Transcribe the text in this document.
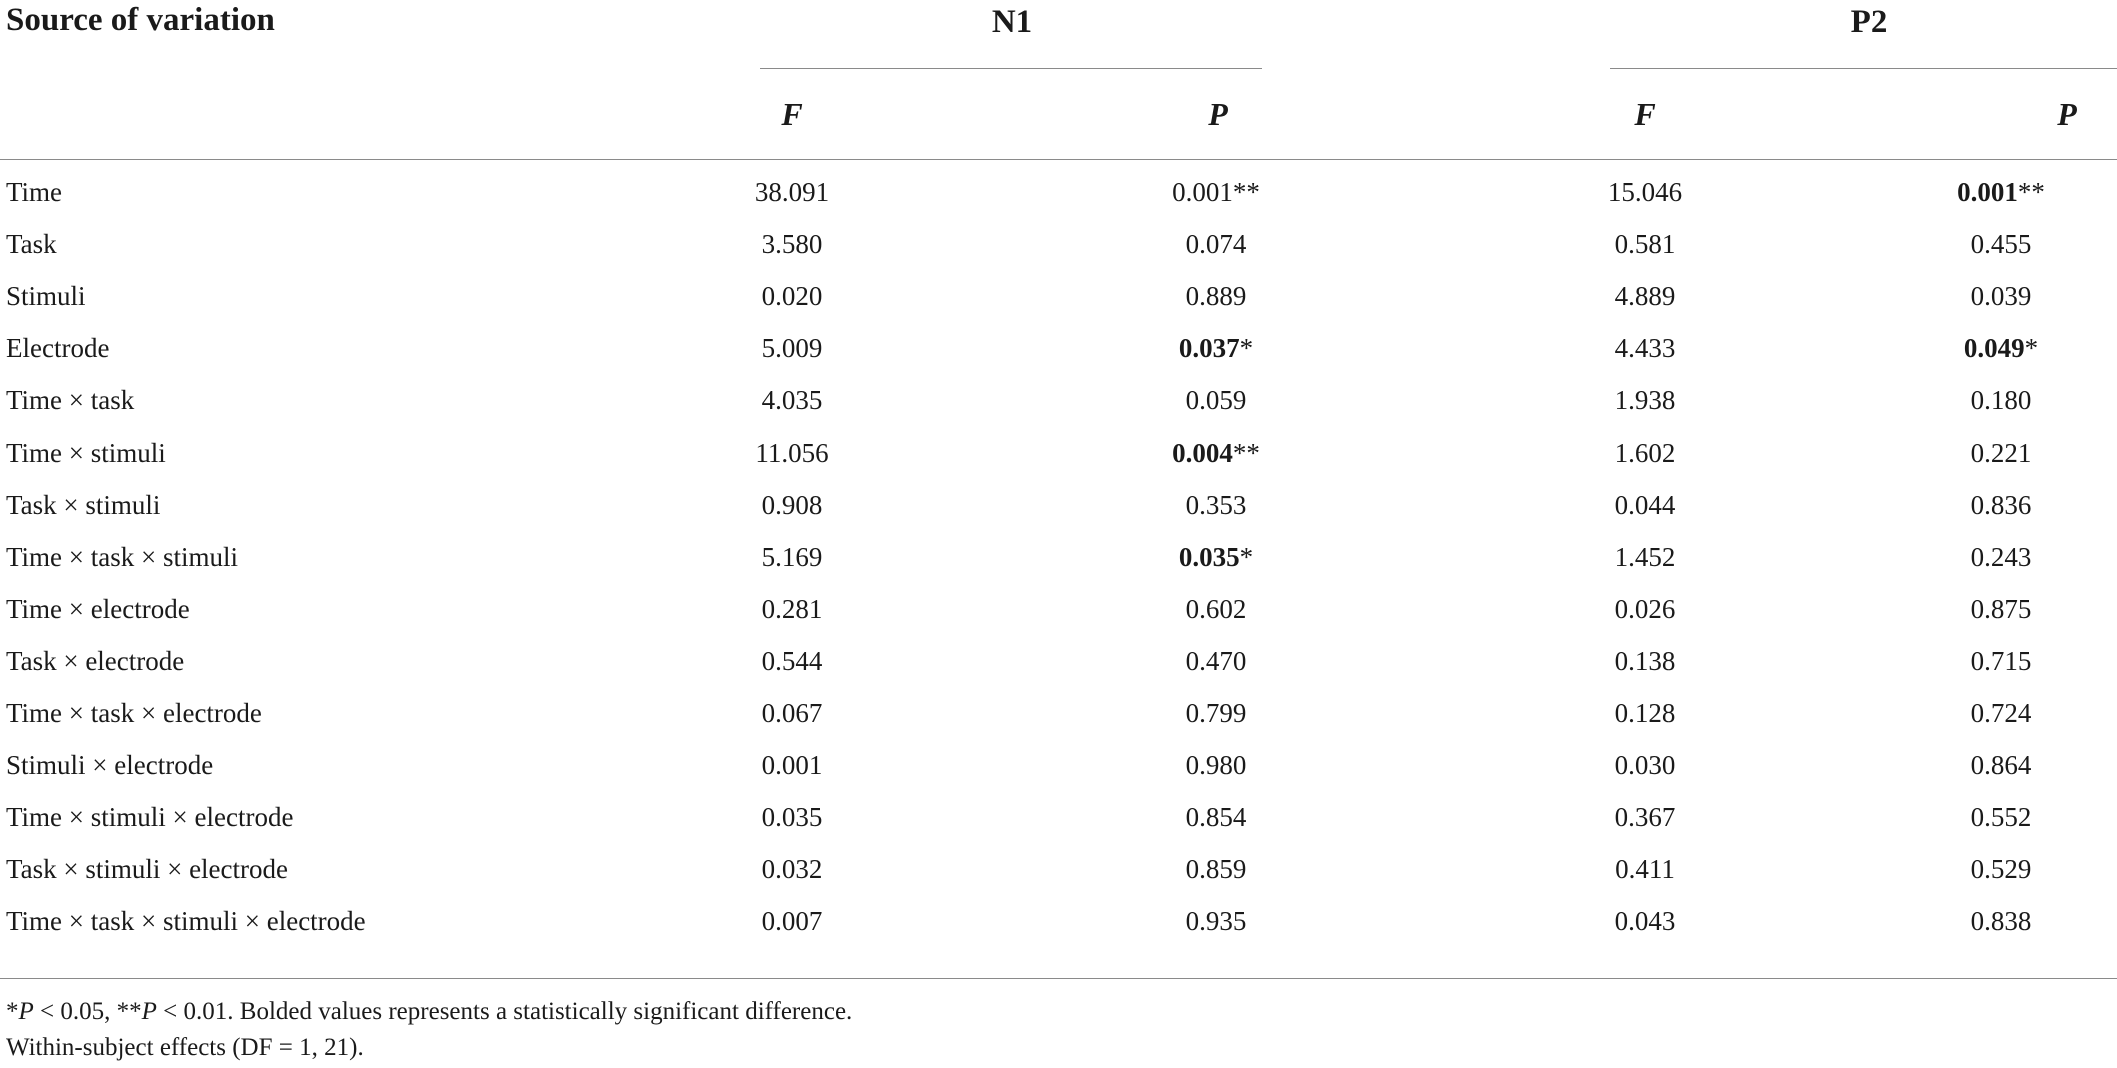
Source of variation	N1	P2
F	P	F	P
Time	38.091	0.001**	15.046	0.001**
Task	3.580	0.074	0.581	0.455
Stimuli	0.020	0.889	4.889	0.039
Electrode	5.009	0.037*	4.433	0.049*
Time × task	4.035	0.059	1.938	0.180
Time × stimuli	11.056	0.004**	1.602	0.221
Task × stimuli	0.908	0.353	0.044	0.836
Time × task × stimuli	5.169	0.035*	1.452	0.243
Time × electrode	0.281	0.602	0.026	0.875
Task × electrode	0.544	0.470	0.138	0.715
Time × task × electrode	0.067	0.799	0.128	0.724
Stimuli × electrode	0.001	0.980	0.030	0.864
Time × stimuli × electrode	0.035	0.854	0.367	0.552
Task × stimuli × electrode	0.032	0.859	0.411	0.529
Time × task × stimuli × electrode	0.007	0.935	0.043	0.838
*P < 0.05, **P < 0.01. Bolded values represents a statistically significant difference.
Within-subject effects (DF = 1, 21).
